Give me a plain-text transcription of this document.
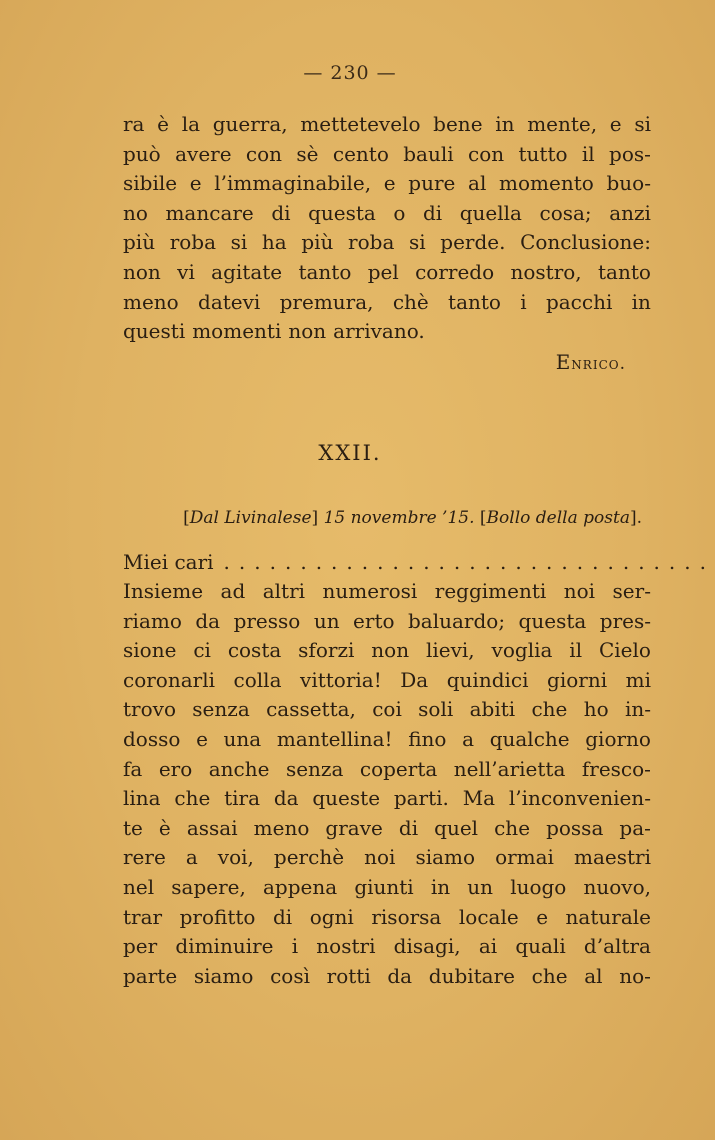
— 230 —
ra è la guerra, mettetevelo bene in mente, e si
può avere con sè cento bauli con tutto il pos-
sibile e l’immaginabile, e pure al momento buo-
no mancare di questa o di quella cosa; anzi
più roba si ha più roba si perde. Conclusione:
non vi agitate tanto pel corredo nostro, tanto
meno datevi premura, chè tanto i pacchi in
questi momenti non arrivano.
Enrico.
XXII.
[Dal Livinalese] 15 novembre ’15. [Bollo della posta].
Miei cari ................................
Insieme ad altri numerosi reggimenti noi ser-
riamo da presso un erto baluardo; questa pres-
sione ci costa sforzi non lievi, voglia il Cielo
coronarli colla vittoria! Da quindici giorni mi
trovo senza cassetta, coi soli abiti che ho in-
dosso e una mantellina! fino a qualche giorno
fa ero anche senza coperta nell’arietta fresco-
lina che tira da queste parti. Ma l’inconvenien-
te è assai meno grave di quel che possa pa-
rere a voi, perchè noi siamo ormai maestri
nel sapere, appena giunti in un luogo nuovo,
trar profitto di ogni risorsa locale e naturale
per diminuire i nostri disagi, ai quali d’altra
parte siamo così rotti da dubitare che al no-
